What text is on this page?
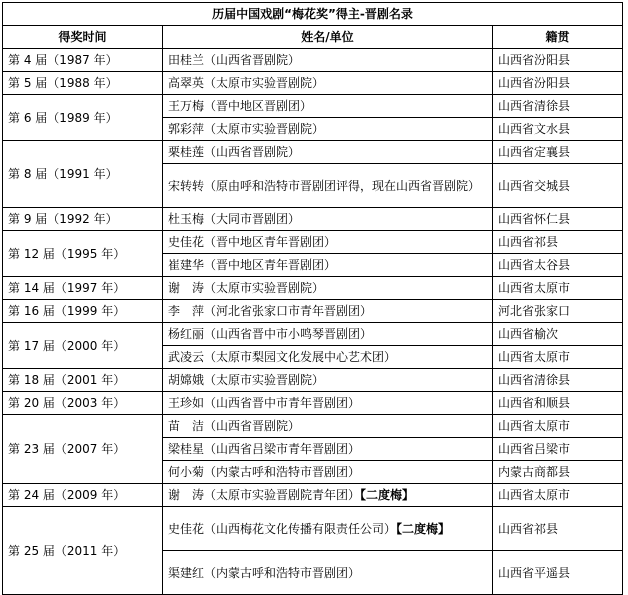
历届中国戏剧“梅花奖”得主-晋剧名录		
得奖时间	姓名/单位	籍贯
第 4 届（1987 年）	田桂兰（山西省晋剧院）	山西省汾阳县
第 5 届（1988 年）	高翠英（太原市实验晋剧院）	山西省汾阳县
第 6 届（1989 年）	王万梅（晋中地区晋剧团）	山西省清徐县
	郭彩萍（太原市实验晋剧院）	山西省文水县
第 8 届（1991 年）	栗桂莲（山西省晋剧院）	山西省定襄县
	宋转转（原由呼和浩特市晋剧团评得，现在山西省晋剧院）	山西省交城县
第 9 届（1992 年）	杜玉梅（大同市晋剧团）	山西省怀仁县
第 12 届（1995 年）	史佳花（晋中地区青年晋剧团）	山西省祁县
	崔建华（晋中地区青年晋剧团）	山西省太谷县
第 14 届（1997 年）	谢　涛（太原市实验晋剧院）	山西省太原市
第 16 届（1999 年）	李　萍（河北省张家口市青年晋剧团）	河北省张家口
第 17 届（2000 年）	杨红丽（山西省晋中市小鸣琴晋剧团）	山西省榆次
	武凌云（太原市梨园文化发展中心艺术团）	山西省太原市
第 18 届（2001 年）	胡嫦娥（太原市实验晋剧院）	山西省清徐县
第 20 届（2003 年）	王珍如（山西省晋中市青年晋剧团）	山西省和顺县
第 23 届（2007 年）	苗　洁（山西省晋剧院）	山西省太原市
	梁桂星（山西省吕梁市青年晋剧团）	山西省吕梁市
	何小菊（内蒙古呼和浩特市晋剧团）	内蒙古商都县
第 24 届（2009 年）	谢　涛（太原市实验晋剧院青年团）【二度梅】	山西省太原市
第 25 届（2011 年）	史佳花（山西梅花文化传播有限责任公司）【二度梅】	山西省祁县
	渠建红（内蒙古呼和浩特市晋剧团）	山西省平遥县
